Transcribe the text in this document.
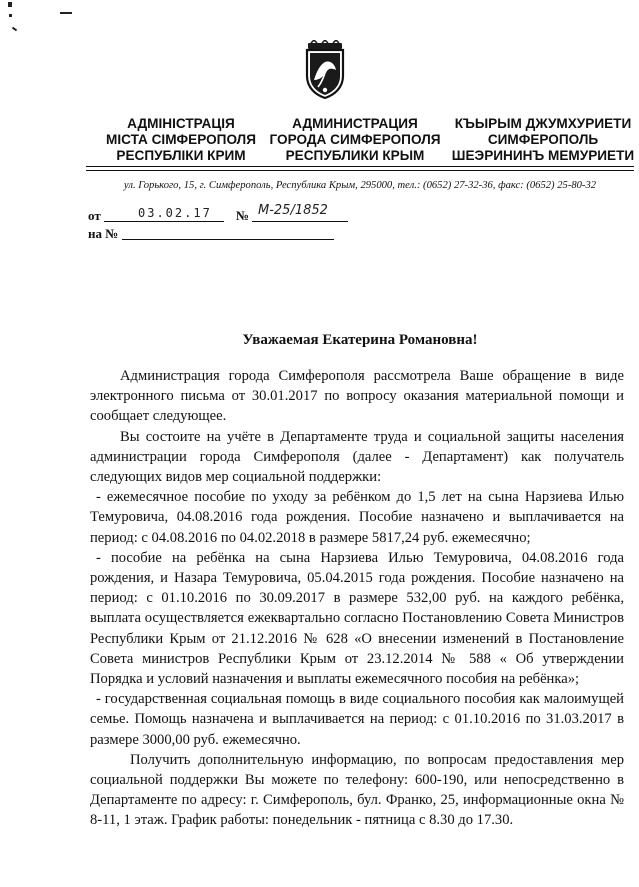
АДМІНІСТРАЦІЯ
МІСТА СІМФЕРОПОЛЯ
РЕСПУБЛІКИ КРИМ
АДМИНИСТРАЦИЯ
ГОРОДА СИМФЕРОПОЛЯ
РЕСПУБЛИКИ КРЫМ
КЪЫРЫМ ДЖУМХУРИЕТИ
СИМФЕРОПОЛЬ
ШЕЭРИНИНЪ МЕМУРИЕТИ
ул. Горького, 15, г. Симферополь, Республика Крым, 295000, тел.: (0652) 27-32-36, факс: (0652) 25-80-32
от	03.02.17 № M-25/1852
на №
Уважаемая Екатерина Романовна!

Администрация города Симферополя рассмотрела Ваше обращение в виде электронного письма от 30.01.2017 по вопросу оказания материальной помощи и сообщает следующее.

Вы состоите на учёте в Департаменте труда и социальной защиты населения администрации города Симферополя (далее - Департамент) как получатель следующих видов мер социальной поддержки:

- ежемесячное пособие по уходу за ребёнком до 1,5 лет на сына Нарзиева Илью Темуровича, 04.08.2016 года рождения. Пособие назначено и выплачивается на период: с 04.08.2016 по 04.02.2018 в размере 5817,24 руб. ежемесячно;

- пособие на ребёнка на сына Нарзиева Илью Темуровича, 04.08.2016 года рождения, и Назара Темуровича, 05.04.2015 года рождения. Пособие назначено на период: с 01.10.2016 по 30.09.2017 в размере 532,00 руб. на каждого ребёнка, выплата осуществляется ежеквартально согласно Постановлению Совета Министров Республики Крым от 21.12.2016 № 628 «О внесении изменений в Постановление Совета министров Республики Крым от 23.12.2014 № 588 « Об утверждении Порядка и условий назначения и выплаты ежемесячного пособия на ребёнка»;

- государственная социальная помощь в виде социального пособия как малоимущей семье. Помощь назначена и выплачивается на период: с 01.10.2016 по 31.03.2017 в размере 3000,00 руб. ежемесячно.

Получить дополнительную информацию, по вопросам предоставления мер социальной поддержки Вы можете по телефону: 600-190, или непосредственно в Департаменте по адресу: г. Симферополь, бул. Франко, 25, информационные окна № 8-11, 1 этаж. График работы: понедельник - пятница с 8.30 до 17.30.
